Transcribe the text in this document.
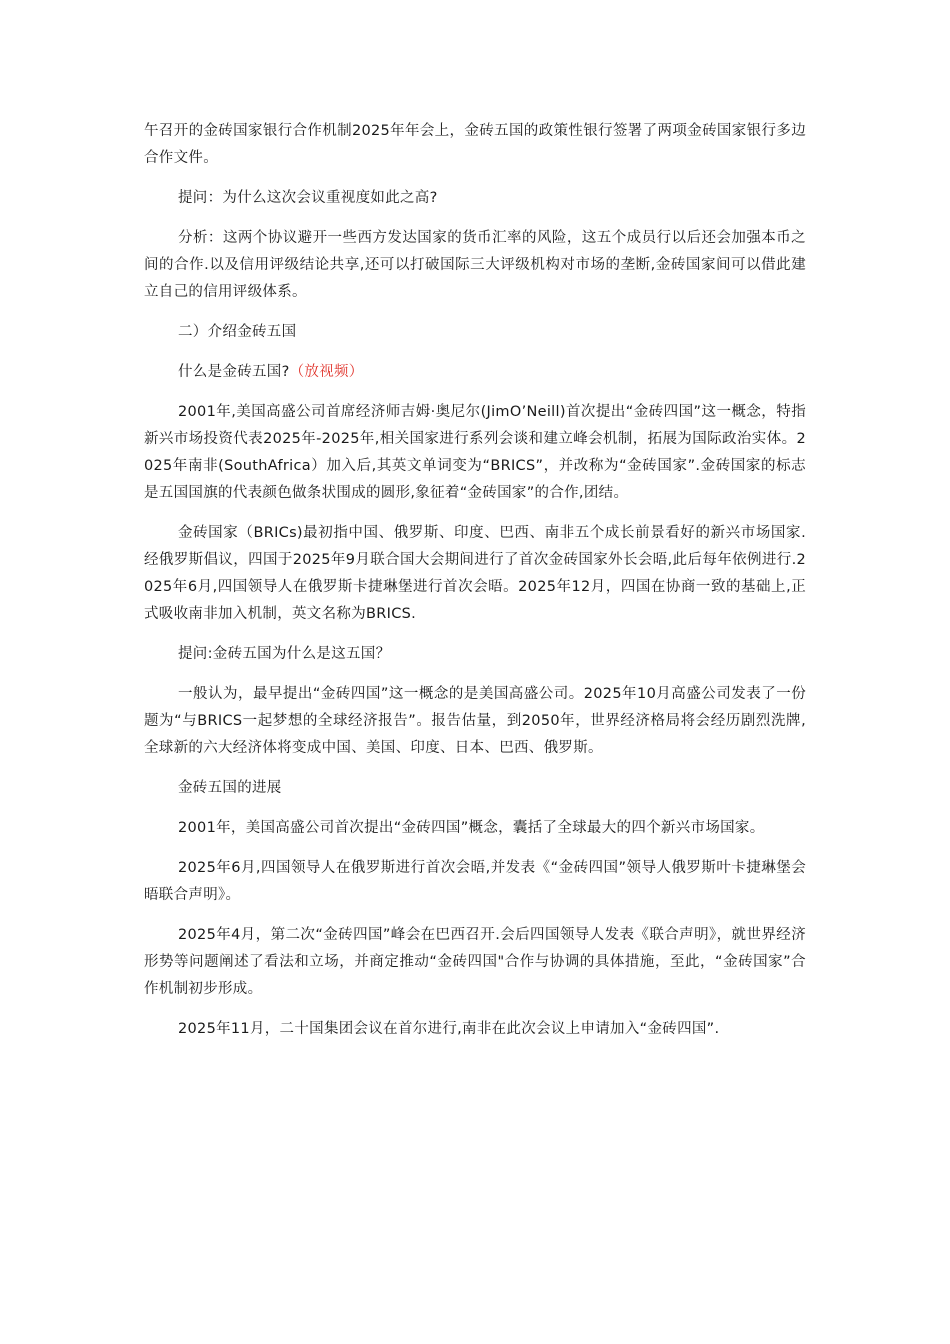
午召开的金砖国家银行合作机制2025年年会上，金砖五国的政策性银行签署了两项金砖国家银行多边合作文件。

提问：为什么这次会议重视度如此之高?

分析：这两个协议避开一些西方发达国家的货币汇率的风险，这五个成员行以后还会加强本币之间的合作.以及信用评级结论共享,还可以打破国际三大评级机构对市场的垄断,金砖国家间可以借此建立自己的信用评级体系。

二）介绍金砖五国

什么是金砖五国?（放视频）

2001年,美国高盛公司首席经济师吉姆·奥尼尔(JimO’Neill)首次提出“金砖四国”这一概念，特指新兴市场投资代表2025年-2025年,相关国家进行系列会谈和建立峰会机制，拓展为国际政治实体。2025年南非(SouthAfrica）加入后,其英文单词变为“BRICS”，并改称为“金砖国家”.金砖国家的标志是五国国旗的代表颜色做条状围成的圆形,象征着“金砖国家”的合作,团结。

金砖国家（BRICs)最初指中国、俄罗斯、印度、巴西、南非五个成长前景看好的新兴市场国家.经俄罗斯倡议，四国于2025年9月联合国大会期间进行了首次金砖国家外长会晤,此后每年依例进行.2025年6月,四国领导人在俄罗斯卡捷琳堡进行首次会晤。2025年12月，四国在协商一致的基础上,正式吸收南非加入机制，英文名称为BRICS.

提问:金砖五国为什么是这五国？

一般认为，最早提出“金砖四国”这一概念的是美国高盛公司。2025年10月高盛公司发表了一份题为“与BRICS一起梦想的全球经济报告”。报告估量，到2050年，世界经济格局将会经历剧烈洗牌,全球新的六大经济体将变成中国、美国、印度、日本、巴西、俄罗斯。

金砖五国的进展

2001年，美国高盛公司首次提出“金砖四国”概念，囊括了全球最大的四个新兴市场国家。

2025年6月,四国领导人在俄罗斯进行首次会晤,并发表《“金砖四国”领导人俄罗斯叶卡捷琳堡会晤联合声明》。

2025年4月，第二次“金砖四国”峰会在巴西召开.会后四国领导人发表《联合声明》，就世界经济形势等问题阐述了看法和立场，并商定推动“金砖四国"合作与协调的具体措施，至此，“金砖国家”合作机制初步形成。

2025年11月，二十国集团会议在首尔进行,南非在此次会议上申请加入“金砖四国”.
